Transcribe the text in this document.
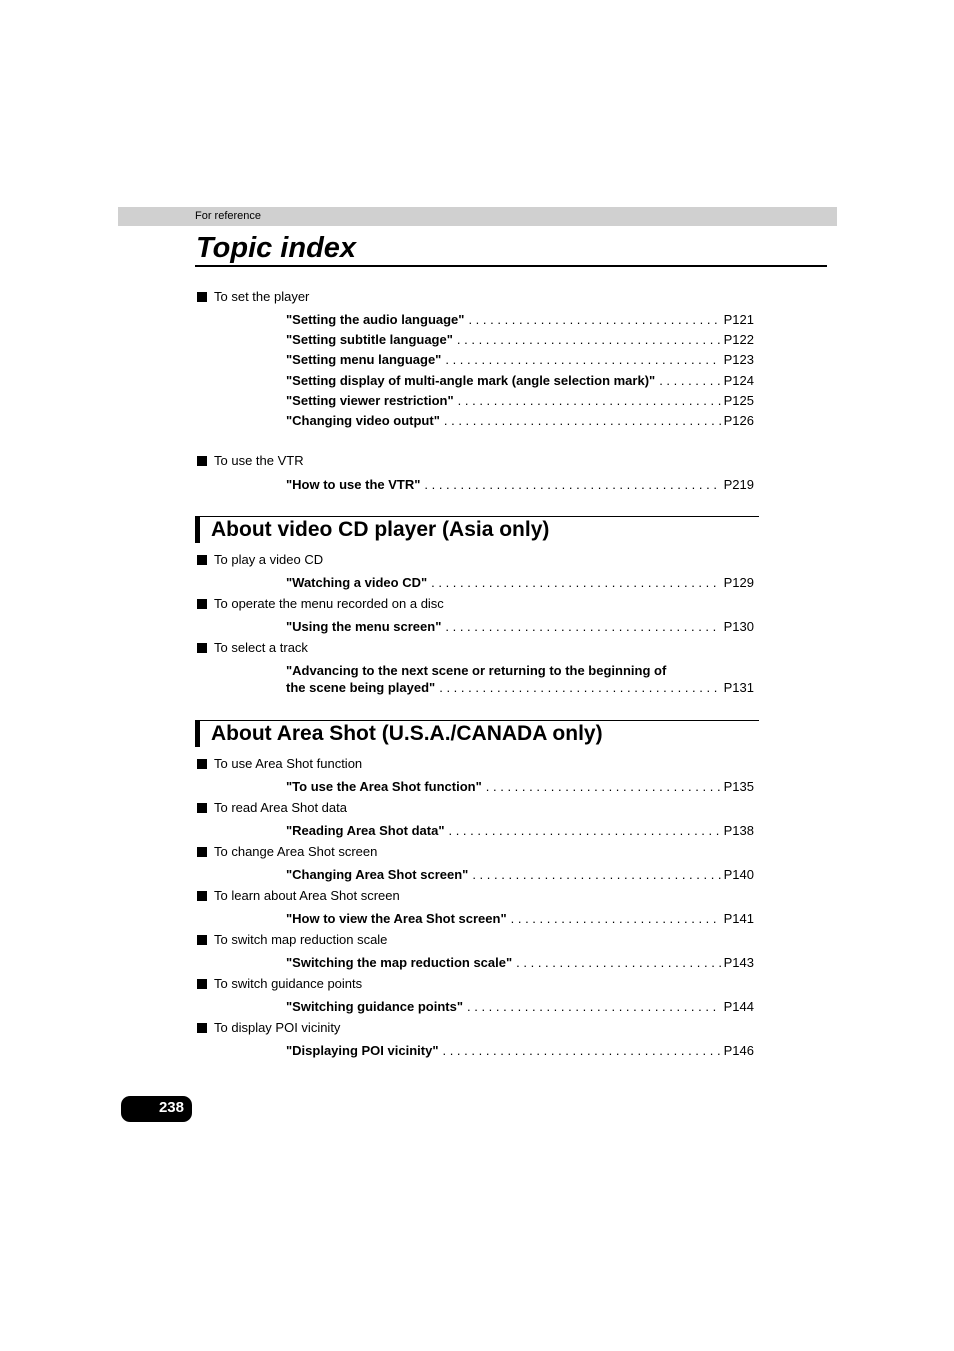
For reference
Topic index
To set the player
"Setting the audio language" . . .	P121
"Setting subtitle language" . . .	P122
"Setting menu language" . . .	P123
"Setting display of multi-angle mark (angle selection mark)" . . .	P124
"Setting viewer restriction" . . .	P125
"Changing video output" . . .	P126
To use the VTR
"How to use the VTR" . . .	P219
About video CD player (Asia only)
To play a video CD
"Watching a video CD" . . .	P129
To operate the menu recorded on a disc
"Using the menu screen" . . .	P130
To select a track
"Advancing to the next scene or returning to the beginning of
the scene being played" . . .	P131
About Area Shot (U.S.A./CANADA only)
To use Area Shot function
"To use the Area Shot function" . . .	P135
To read Area Shot data
"Reading Area Shot data" . . .	P138
To change Area Shot screen
"Changing Area Shot screen" . . .	P140
To learn about Area Shot screen
"How to view the Area Shot screen" . . .	P141
To switch map reduction scale
"Switching the map reduction scale" . . .	P143
To switch guidance points
"Switching guidance points" . . .	P144
To display POI vicinity
"Displaying POI vicinity" . . .	P146
238
